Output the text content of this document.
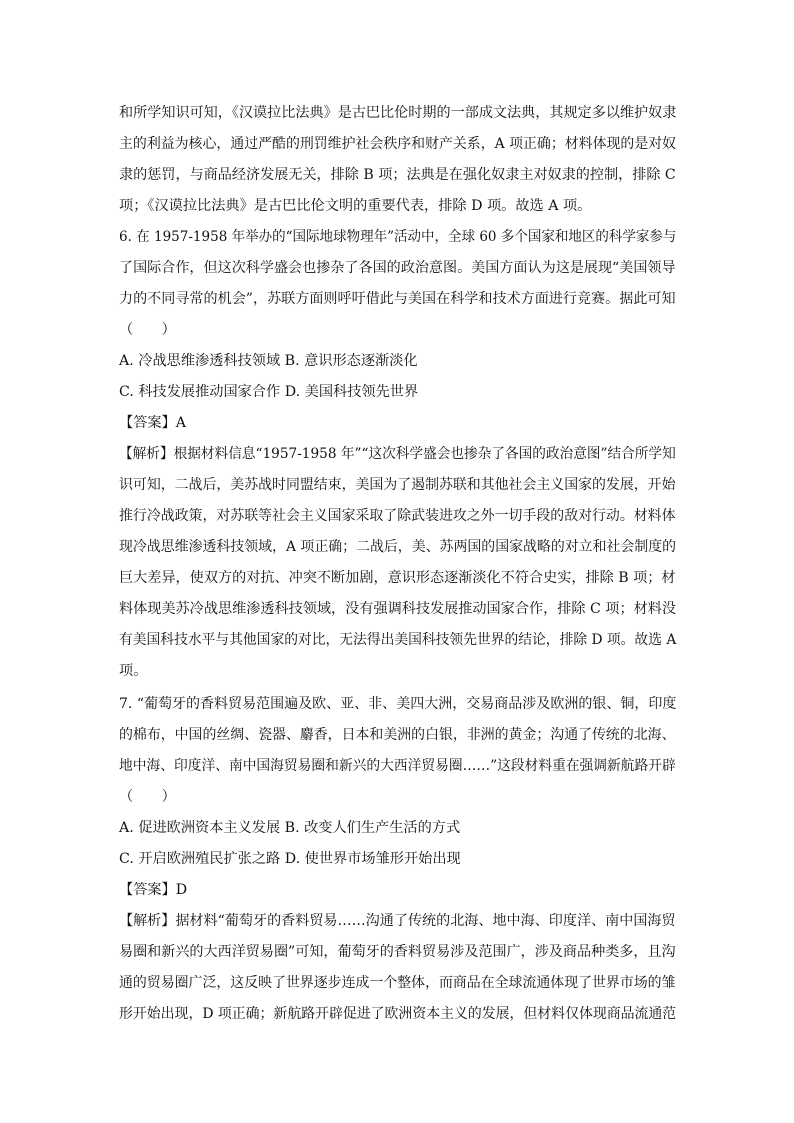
和所学知识可知，《汉谟拉比法典》是古巴比伦时期的一部成文法典，其规定多以维护奴隶
主的利益为核心，通过严酷的刑罚维护社会秩序和财产关系，A 项正确；材料体现的是对奴
隶的惩罚，与商品经济发展无关，排除 B 项；法典是在强化奴隶主对奴隶的控制，排除 C
项；《汉谟拉比法典》是古巴比伦文明的重要代表，排除 D 项。故选 A 项。
6. 在 1957-1958 年举办的“国际地球物理年”活动中，全球 60 多个国家和地区的科学家参与
了国际合作，但这次科学盛会也掺杂了各国的政治意图。美国方面认为这是展现“美国领导
力的不同寻常的机会”，苏联方面则呼吁借此与美国在科学和技术方面进行竞赛。据此可知
（　　）
A. 冷战思维渗透科技领域 B. 意识形态逐渐淡化
C. 科技发展推动国家合作 D. 美国科技领先世界
【答案】A
【解析】根据材料信息“1957-1958 年”“这次科学盛会也掺杂了各国的政治意图”结合所学知
识可知，二战后，美苏战时同盟结束，美国为了遏制苏联和其他社会主义国家的发展，开始
推行冷战政策，对苏联等社会主义国家采取了除武装进攻之外一切手段的敌对行动。材料体
现冷战思维渗透科技领域，A 项正确；二战后，美、苏两国的国家战略的对立和社会制度的
巨大差异，使双方的对抗、冲突不断加剧，意识形态逐渐淡化不符合史实，排除 B 项；材
料体现美苏冷战思维渗透科技领域，没有强调科技发展推动国家合作，排除 C 项；材料没
有美国科技水平与其他国家的对比，无法得出美国科技领先世界的结论，排除 D 项。故选 A
项。
7. “葡萄牙的香料贸易范围遍及欧、亚、非、美四大洲，交易商品涉及欧洲的银、铜，印度
的棉布，中国的丝绸、瓷器、麝香，日本和美洲的白银，非洲的黄金；沟通了传统的北海、
地中海、印度洋、南中国海贸易圈和新兴的大西洋贸易圈……”这段材料重在强调新航路开辟
（　　）
A. 促进欧洲资本主义发展 B. 改变人们生产生活的方式
C. 开启欧洲殖民扩张之路 D. 使世界市场雏形开始出现
【答案】D
【解析】据材料“葡萄牙的香料贸易……沟通了传统的北海、地中海、印度洋、南中国海贸
易圈和新兴的大西洋贸易圈”可知，葡萄牙的香料贸易涉及范围广，涉及商品种类多，且沟
通的贸易圈广泛，这反映了世界逐步连成一个整体，而商品在全球流通体现了世界市场的雏
形开始出现，D 项正确；新航路开辟促进了欧洲资本主义的发展，但材料仅体现商品流通范
